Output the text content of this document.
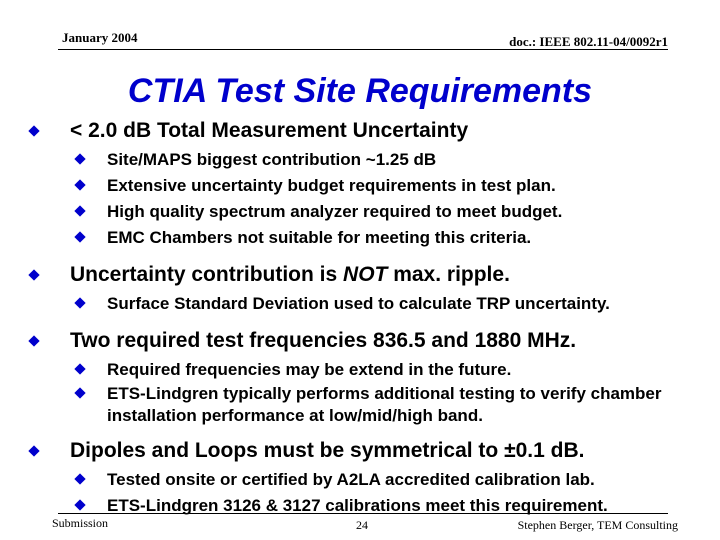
January 2004	doc.: IEEE 802.11-04/0092r1
CTIA Test Site Requirements
< 2.0 dB Total Measurement Uncertainty
Site/MAPS biggest contribution ~1.25 dB
Extensive uncertainty budget requirements in test plan.
High quality spectrum analyzer required to meet budget.
EMC Chambers not suitable for meeting this criteria.
Uncertainty contribution is NOT max. ripple.
Surface Standard Deviation used to calculate TRP uncertainty.
Two required test frequencies 836.5 and 1880 MHz.
Required frequencies may be extend in the future.
ETS-Lindgren typically performs additional testing to verify chamber installation performance at low/mid/high band.
Dipoles and Loops must be symmetrical to ±0.1 dB.
Tested onsite or certified by A2LA accredited calibration lab.
ETS-Lindgren 3126 & 3127 calibrations meet this requirement.
Submission	24	Stephen Berger, TEM Consulting
